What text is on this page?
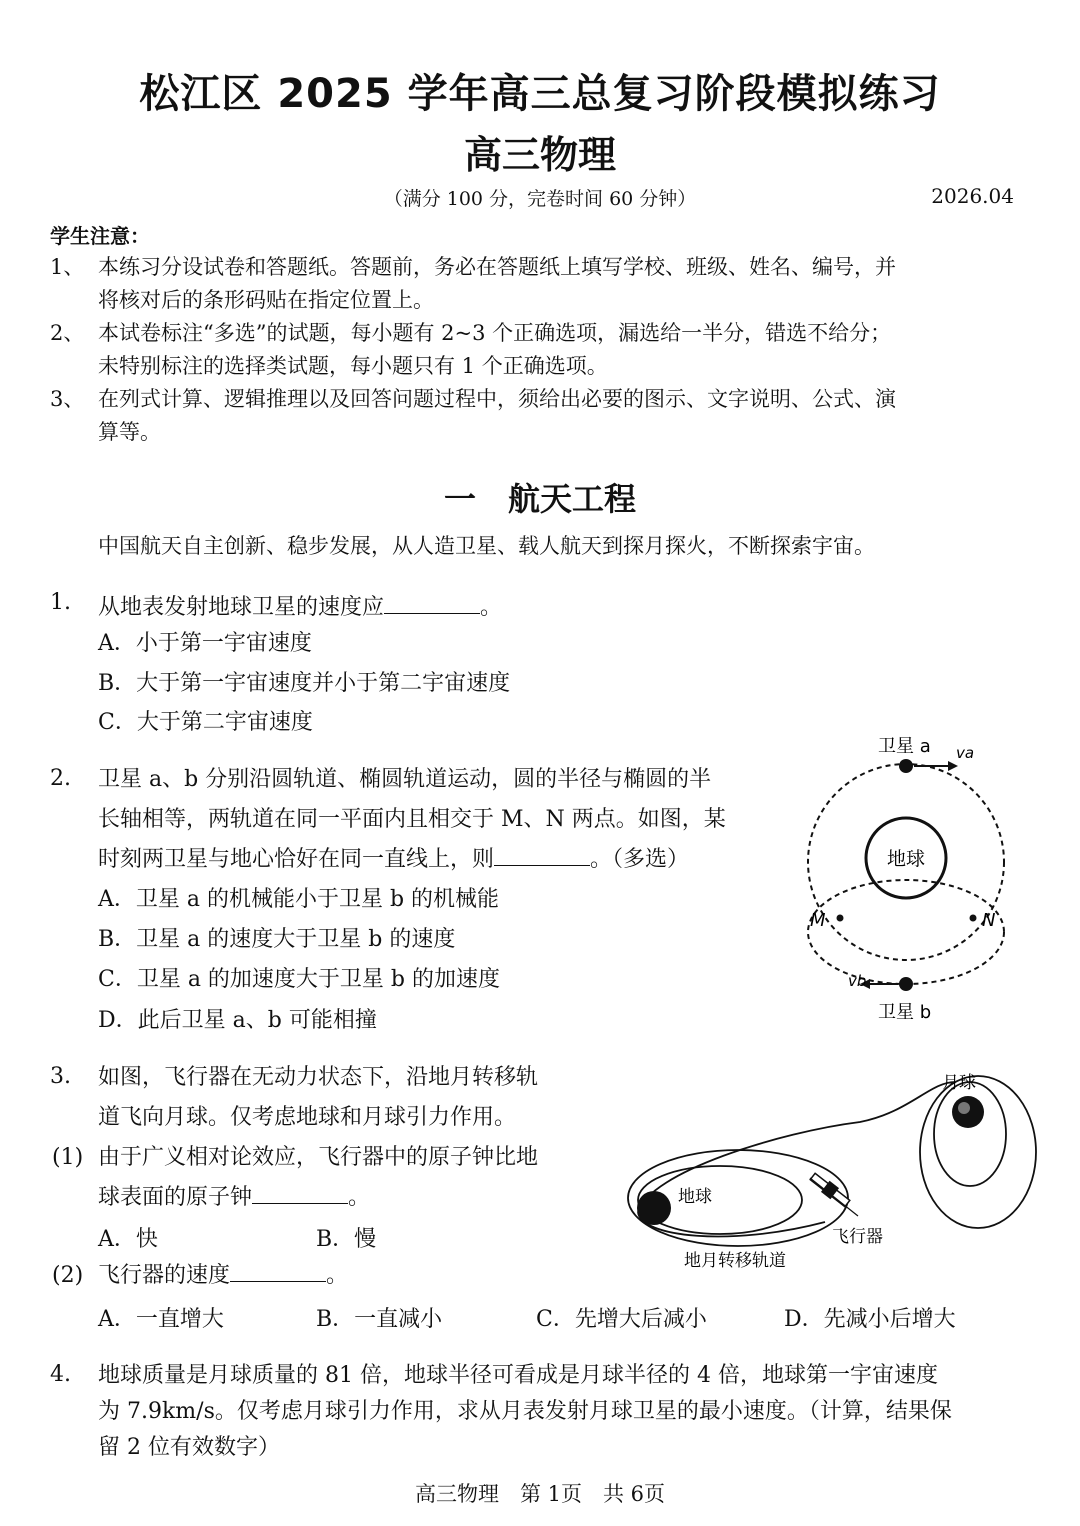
松江区 2025 学年高三总复习阶段模拟练习
高三物理
（满分 100 分，完卷时间 60 分钟）	2026.04
学生注意：
1、 本练习分设试卷和答题纸。答题前，务必在答题纸上填写学校、班级、姓名、编号，并
将核对后的条形码贴在指定位置上。
2、 本试卷标注“多选”的试题，每小题有 2~3 个正确选项，漏选给一半分，错选不给分；
未特别标注的选择类试题，每小题只有 1 个正确选项。
3、 在列式计算、逻辑推理以及回答问题过程中，须给出必要的图示、文字说明、公式、演
算等。
一　航天工程
中国航天自主创新、稳步发展，从人造卫星、载人航天到探月探火，不断探索宇宙。
1. 从地表发射地球卫星的速度应	。
A．小于第一宇宙速度
B．大于第一宇宙速度并小于第二宇宙速度
C．大于第二宇宙速度
2. 卫星 a、b 分别沿圆轨道、椭圆轨道运动，圆的半径与椭圆的半
长轴相等，两轨道在同一平面内且相交于 M、N 两点。如图，某
时刻两卫星与地心恰好在同一直线上，则	。（多选）
A．卫星 a 的机械能小于卫星 b 的机械能
B．卫星 a 的速度大于卫星 b 的速度
C．卫星 a 的加速度大于卫星 b 的加速度
D．此后卫星 a、b 可能相撞
卫星 a va
地球
M	N
vb
卫星 b
3. 如图，飞行器在无动力状态下，沿地月转移轨
道飞向月球。仅考虑地球和月球引力作用。
(1) 由于广义相对论效应，飞行器中的原子钟比地
球表面的原子钟	。
A．快	B．慢
(2) 飞行器的速度	。
A．一直增大	B．一直减小	C．先增大后减小	D．先减小后增大
月球
地球
飞行器
地月转移轨道
4. 地球质量是月球质量的 81 倍，地球半径可看成是月球半径的 4 倍，地球第一宇宙速度
为 7.9km/s。仅考虑月球引力作用，求从月表发射月球卫星的最小速度。（计算，结果保
留 2 位有效数字）
高三物理　第 1页　共 6页
